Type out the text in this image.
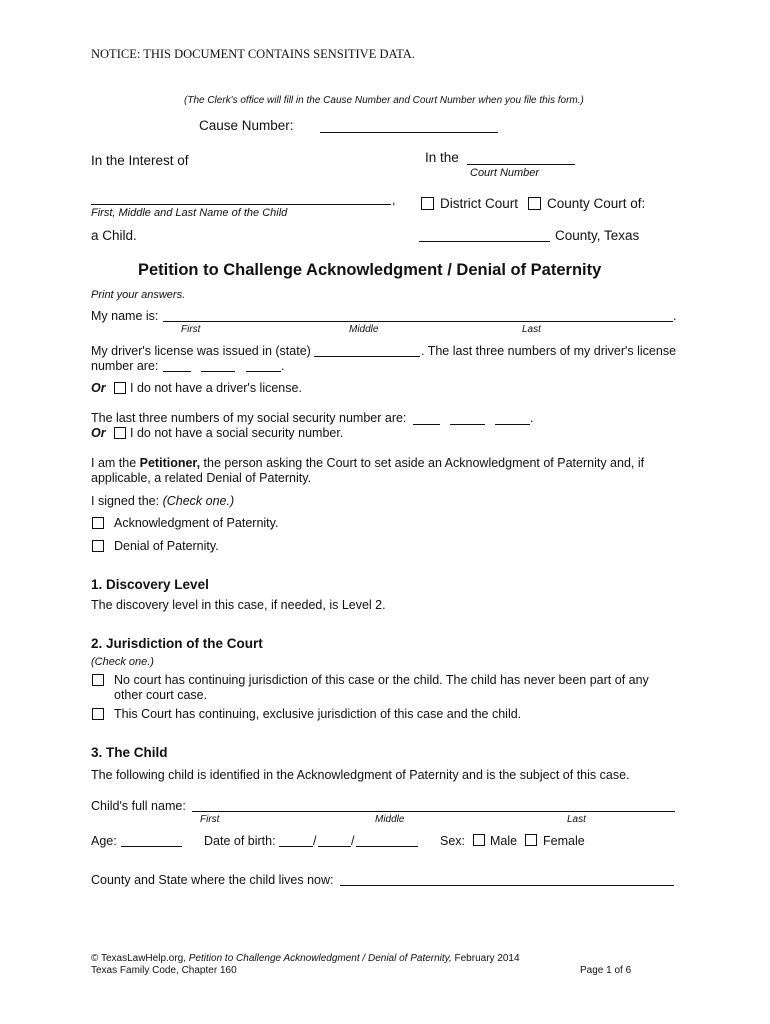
NOTICE: THIS DOCUMENT CONTAINS SENSITIVE DATA.
(The Clerk's office will fill in the Cause Number and Court Number when you file this form.)
Cause Number:
In the Interest of	In the
Court Number
,
First, Middle and Last Name of the Child
District Court County Court of:
a Child.	County, Texas
Petition to Challenge Acknowledgment / Denial of Paternity
Print your answers.
My name is:	.
First	Middle	Last
My driver's license was issued in (state)	. The last three numbers of my driver's license
number are:	.
Or I do not have a driver's license.
The last three numbers of my social security number are:	.
Or I do not have a social security number.
I am the Petitioner, the person asking the Court to set aside an Acknowledgment of Paternity and, if
applicable, a related Denial of Paternity.
I signed the: (Check one.)
Acknowledgment of Paternity.
Denial of Paternity.
1. Discovery Level
The discovery level in this case, if needed, is Level 2.
2. Jurisdiction of the Court
(Check one.)
No court has continuing jurisdiction of this case or the child. The child has never been part of any
other court case.
This Court has continuing, exclusive jurisdiction of this case and the child.
3. The Child
The following child is identified in the Acknowledgment of Paternity and is the subject of this case.
Child's full name:
First	Middle	Last
Age:	Date of birth:	/	/	Sex: Male Female
County and State where the child lives now:
© TexasLawHelp.org, Petition to Challenge Acknowledgment / Denial of Paternity, February 2014
Texas Family Code, Chapter 160	Page 1 of 6
